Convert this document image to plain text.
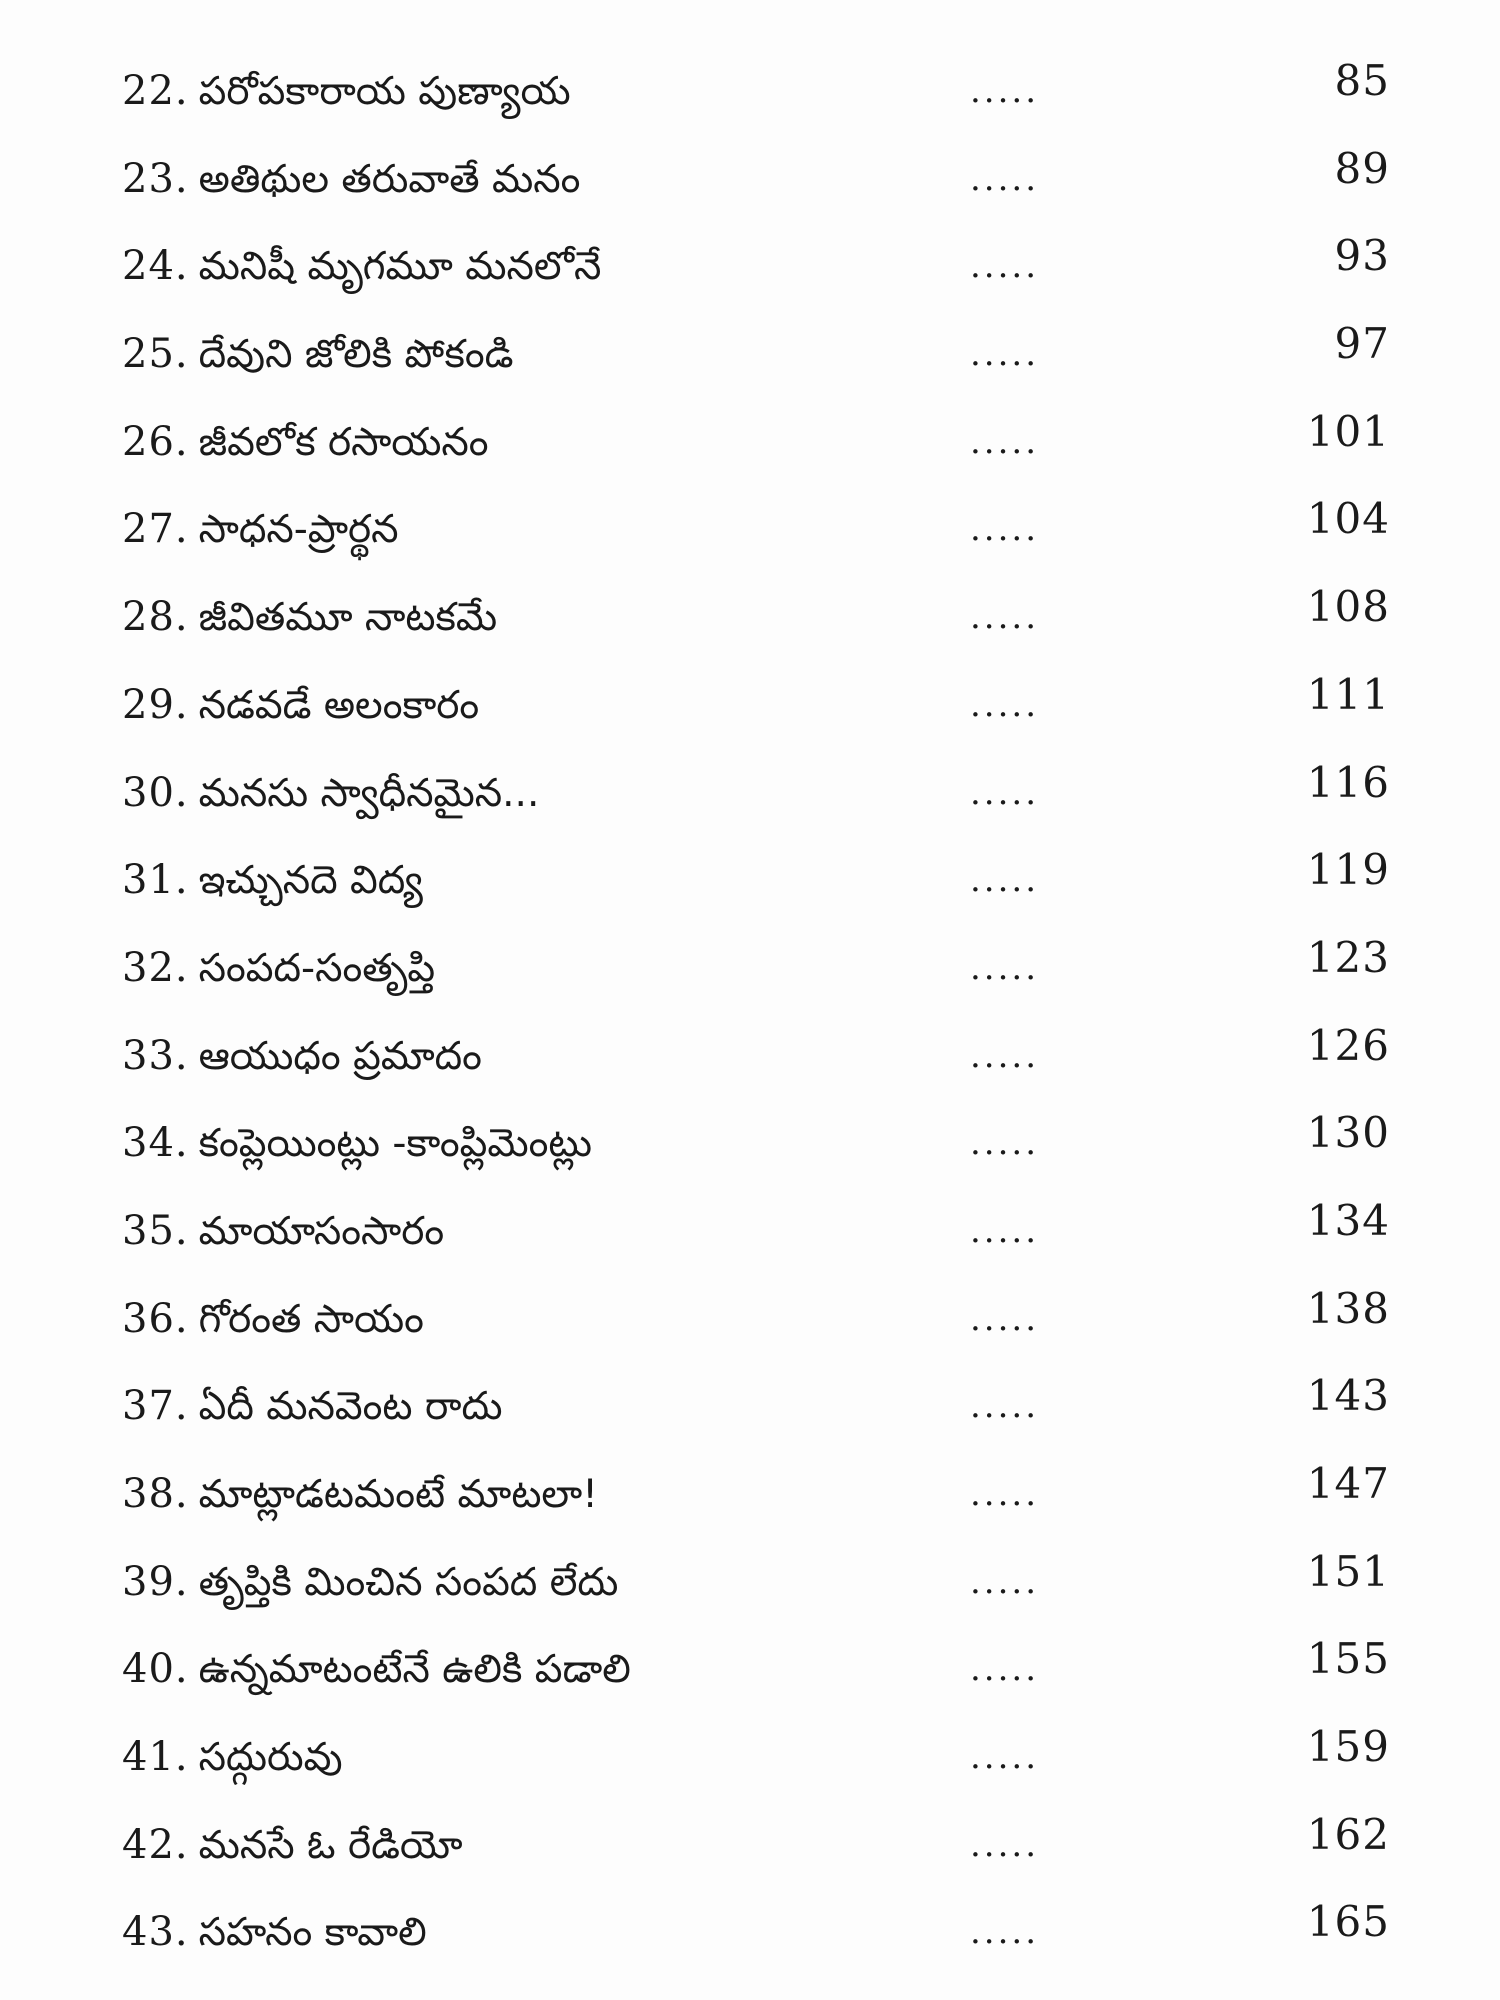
22. పరోపకారాయ పుణ్యాయ	.....	85
23. అతిథుల తరువాతే మనం	.....	89
24. మనిషీ మృగమూ మనలోనే	.....	93
25. దేవుని జోలికి పోకండి	.....	97
26. జీవలోక రసాయనం	.....	101
27. సాధన-ప్రార్థన	.....	104
28. జీవితమూ నాటకమే	.....	108
29. నడవడే అలంకారం	.....	111
30. మనసు స్వాధీనమైన...	.....	116
31. ఇచ్చునదె విద్య	.....	119
32. సంపద-సంతృప్తి	.....	123
33. ఆయుధం ప్రమాదం	.....	126
34. కంప్లెయింట్లు -కాంప్లిమెంట్లు	.....	130
35. మాయాసంసారం	.....	134
36. గోరంత సాయం	.....	138
37. ఏదీ మనవెంట రాదు	.....	143
38. మాట్లాడటమంటే మాటలా!	.....	147
39. తృప్తికి మించిన సంపద లేదు	.....	151
40. ఉన్నమాటంటేనే ఉలికి పడాలి	.....	155
41. సద్గురువు	.....	159
42. మనసే ఓ రేడియో	.....	162
43. సహనం కావాలి	.....	165
